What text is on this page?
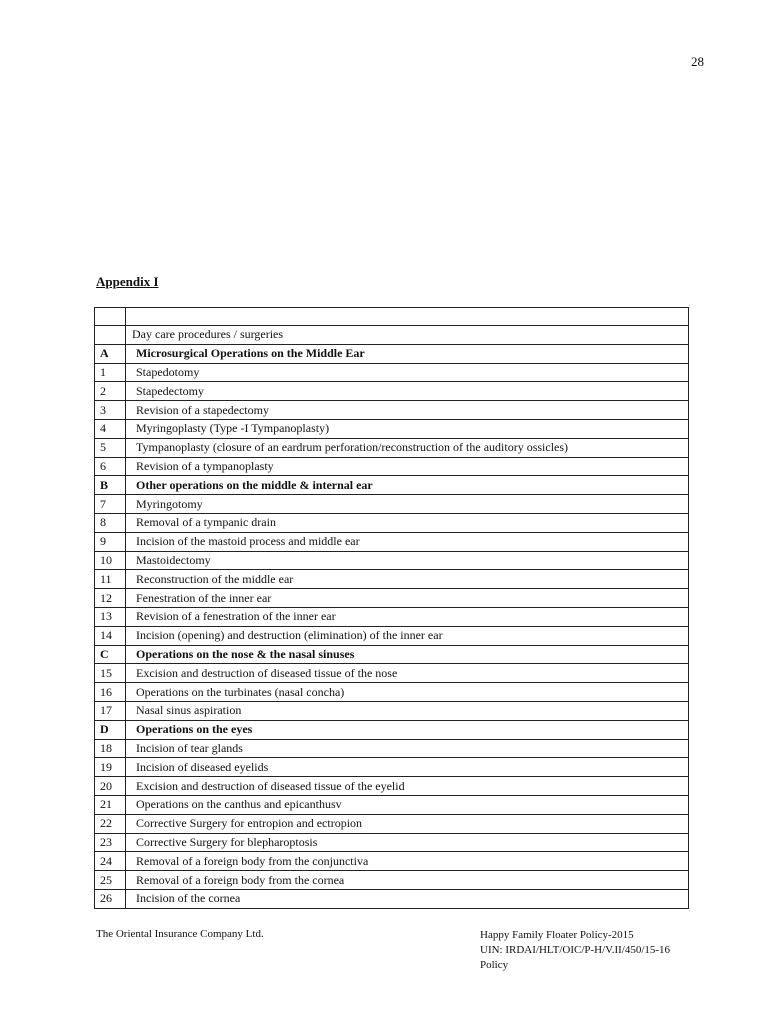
28
Appendix I

	Day care procedures / surgeries
A	Microsurgical Operations on the Middle Ear
1	Stapedotomy
2	Stapedectomy
3	Revision of a stapedectomy
4	Myringoplasty (Type -I Tympanoplasty)
5	Tympanoplasty (closure of an eardrum perforation/reconstruction of the auditory ossicles)
6	Revision of a tympanoplasty
B	Other operations on the middle & internal ear
7	Myringotomy
8	Removal of a tympanic drain
9	Incision of the mastoid process and middle ear
10	Mastoidectomy
11	Reconstruction of the middle ear
12	Fenestration of the inner ear
13	Revision of a fenestration of the inner ear
14	Incision (opening) and destruction (elimination) of the inner ear
C	Operations on the nose & the nasal sinuses
15	Excision and destruction of diseased tissue of the nose
16	Operations on the turbinates (nasal concha)
17	Nasal sinus aspiration
D	Operations on the eyes
18	Incision of tear glands
19	Incision of diseased eyelids
20	Excision and destruction of diseased tissue of the eyelid
21	Operations on the canthus and epicanthusv
22	Corrective Surgery for entropion and ectropion
23	Corrective Surgery for blepharoptosis
24	Removal of a foreign body from the conjunctiva
25	Removal of a foreign body from the cornea
26	Incision of the cornea
The Oriental Insurance Company Ltd.	Happy Family Floater Policy-2015
UIN: IRDAI/HLT/OIC/P-H/V.II/450/15-16
Policy
